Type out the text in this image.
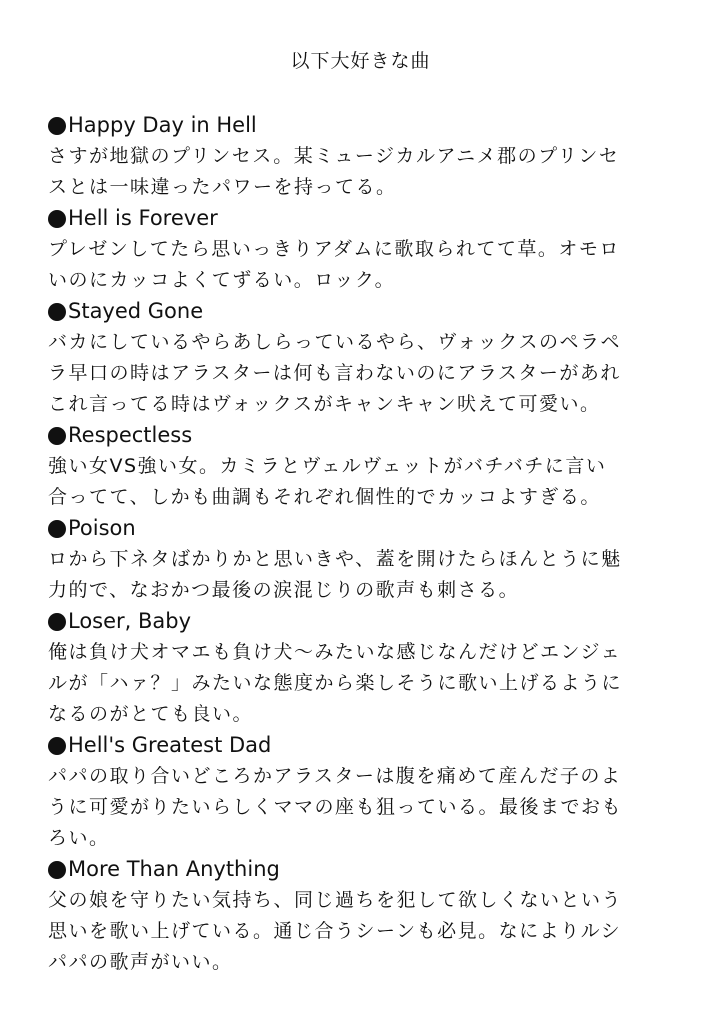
以下大好きな曲
Happy Day in Hell

さすが地獄のプリンセス。某ミュージカルアニメ郡のプリンセ
スとは一味違ったパワーを持ってる。

Hell is Forever

プレゼンしてたら思いっきりアダムに歌取られてて草。オモロ
いのにカッコよくてずるい。ロック。

Stayed Gone

バカにしているやらあしらっているやら、ヴォックスのペラペ
ラ早口の時はアラスターは何も言わないのにアラスターがあれ
これ言ってる時はヴォックスがキャンキャン吠えて可愛い。

Respectless

強い女VS強い女。カミラとヴェルヴェットがバチバチに言い
合ってて、しかも曲調もそれぞれ個性的でカッコよすぎる。

Poison

ロから下ネタばかりかと思いきや、蓋を開けたらほんとうに魅
力的で、なおかつ最後の涙混じりの歌声も刺さる。

Loser, Baby

俺は負け犬オマエも負け犬〜みたいな感じなんだけどエンジェ
ルが「ハァ？」みたいな態度から楽しそうに歌い上げるように
なるのがとても良い。

Hell's Greatest Dad

パパの取り合いどころかアラスターは腹を痛めて産んだ子のよ
うに可愛がりたいらしくママの座も狙っている。最後までおも
ろい。

More Than Anything

父の娘を守りたい気持ち、同じ過ちを犯して欲しくないという
思いを歌い上げている。通じ合うシーンも必見。なによりルシ
パパの歌声がいい。
